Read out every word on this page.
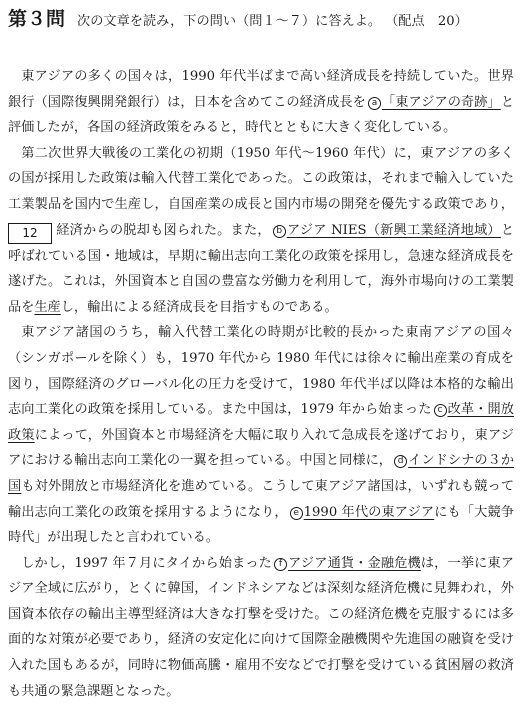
第３問 次の文章を読み，下の問い（問１～７）に答えよ。 （配点　20）

東アジアの多くの国々は，1990 年代半ばまで高い経済成長を持続していた。世界銀行（国際復興開発銀行）は，日本を含めてこの経済成長を a 「東アジアの奇跡」と評価したが，各国の経済政策をみると，時代とともに大きく変化している。

第二次世界大戦後の工業化の初期（1950 年代～1960 年代）に，東アジアの多くの国が採用した政策は輸入代替工業化であった。この政策は，それまで輸入していた工業製品を国内で生産し，自国産業の成長と国内市場の開発を優先する政策であり，12 経済からの脱却も図られた。また， b アジア NIES（新興工業経済地域）と呼ばれている国・地域は，早期に輸出志向工業化の政策を採用し，急速な経済成長を遂げた。これは，外国資本と自国の豊富な労働力を利用して，海外市場向けの工業製品を生産し，輸出による経済成長を目指すものである。

東アジア諸国のうち，輸入代替工業化の時期が比較的長かった東南アジアの国々（シンガポールを除く）も，1970 年代から 1980 年代には徐々に輸出産業の育成を図り，国際経済のグローバル化の圧力を受けて，1980 年代半ば以降は本格的な輸出志向工業化の政策を採用している。また中国は，1979 年から始まった c 改革・開放政策によって，外国資本と市場経済を大幅に取り入れて急成長を遂げており，東アジアにおける輸出志向工業化の一翼を担っている。中国と同様に， d インドシナの３か国も対外開放と市場経済化を進めている。こうして東アジア諸国は，いずれも競って輸出志向工業化の政策を採用するようになり， e 1990 年代の東アジアにも「大競争時代」が出現したと言われている。

しかし，1997 年７月にタイから始まった f アジア通貨・金融危機は，一挙に東アジア全域に広がり，とくに韓国，インドネシアなどは深刻な経済危機に見舞われ，外国資本依存の輸出主導型経済は大きな打撃を受けた。この経済危機を克服するには多面的な対策が必要であり，経済の安定化に向けて国際金融機関や先進国の融資を受け入れた国もあるが，同時に物価高騰・雇用不安などで打撃を受けている貧困層の救済も共通の緊急課題となった。
